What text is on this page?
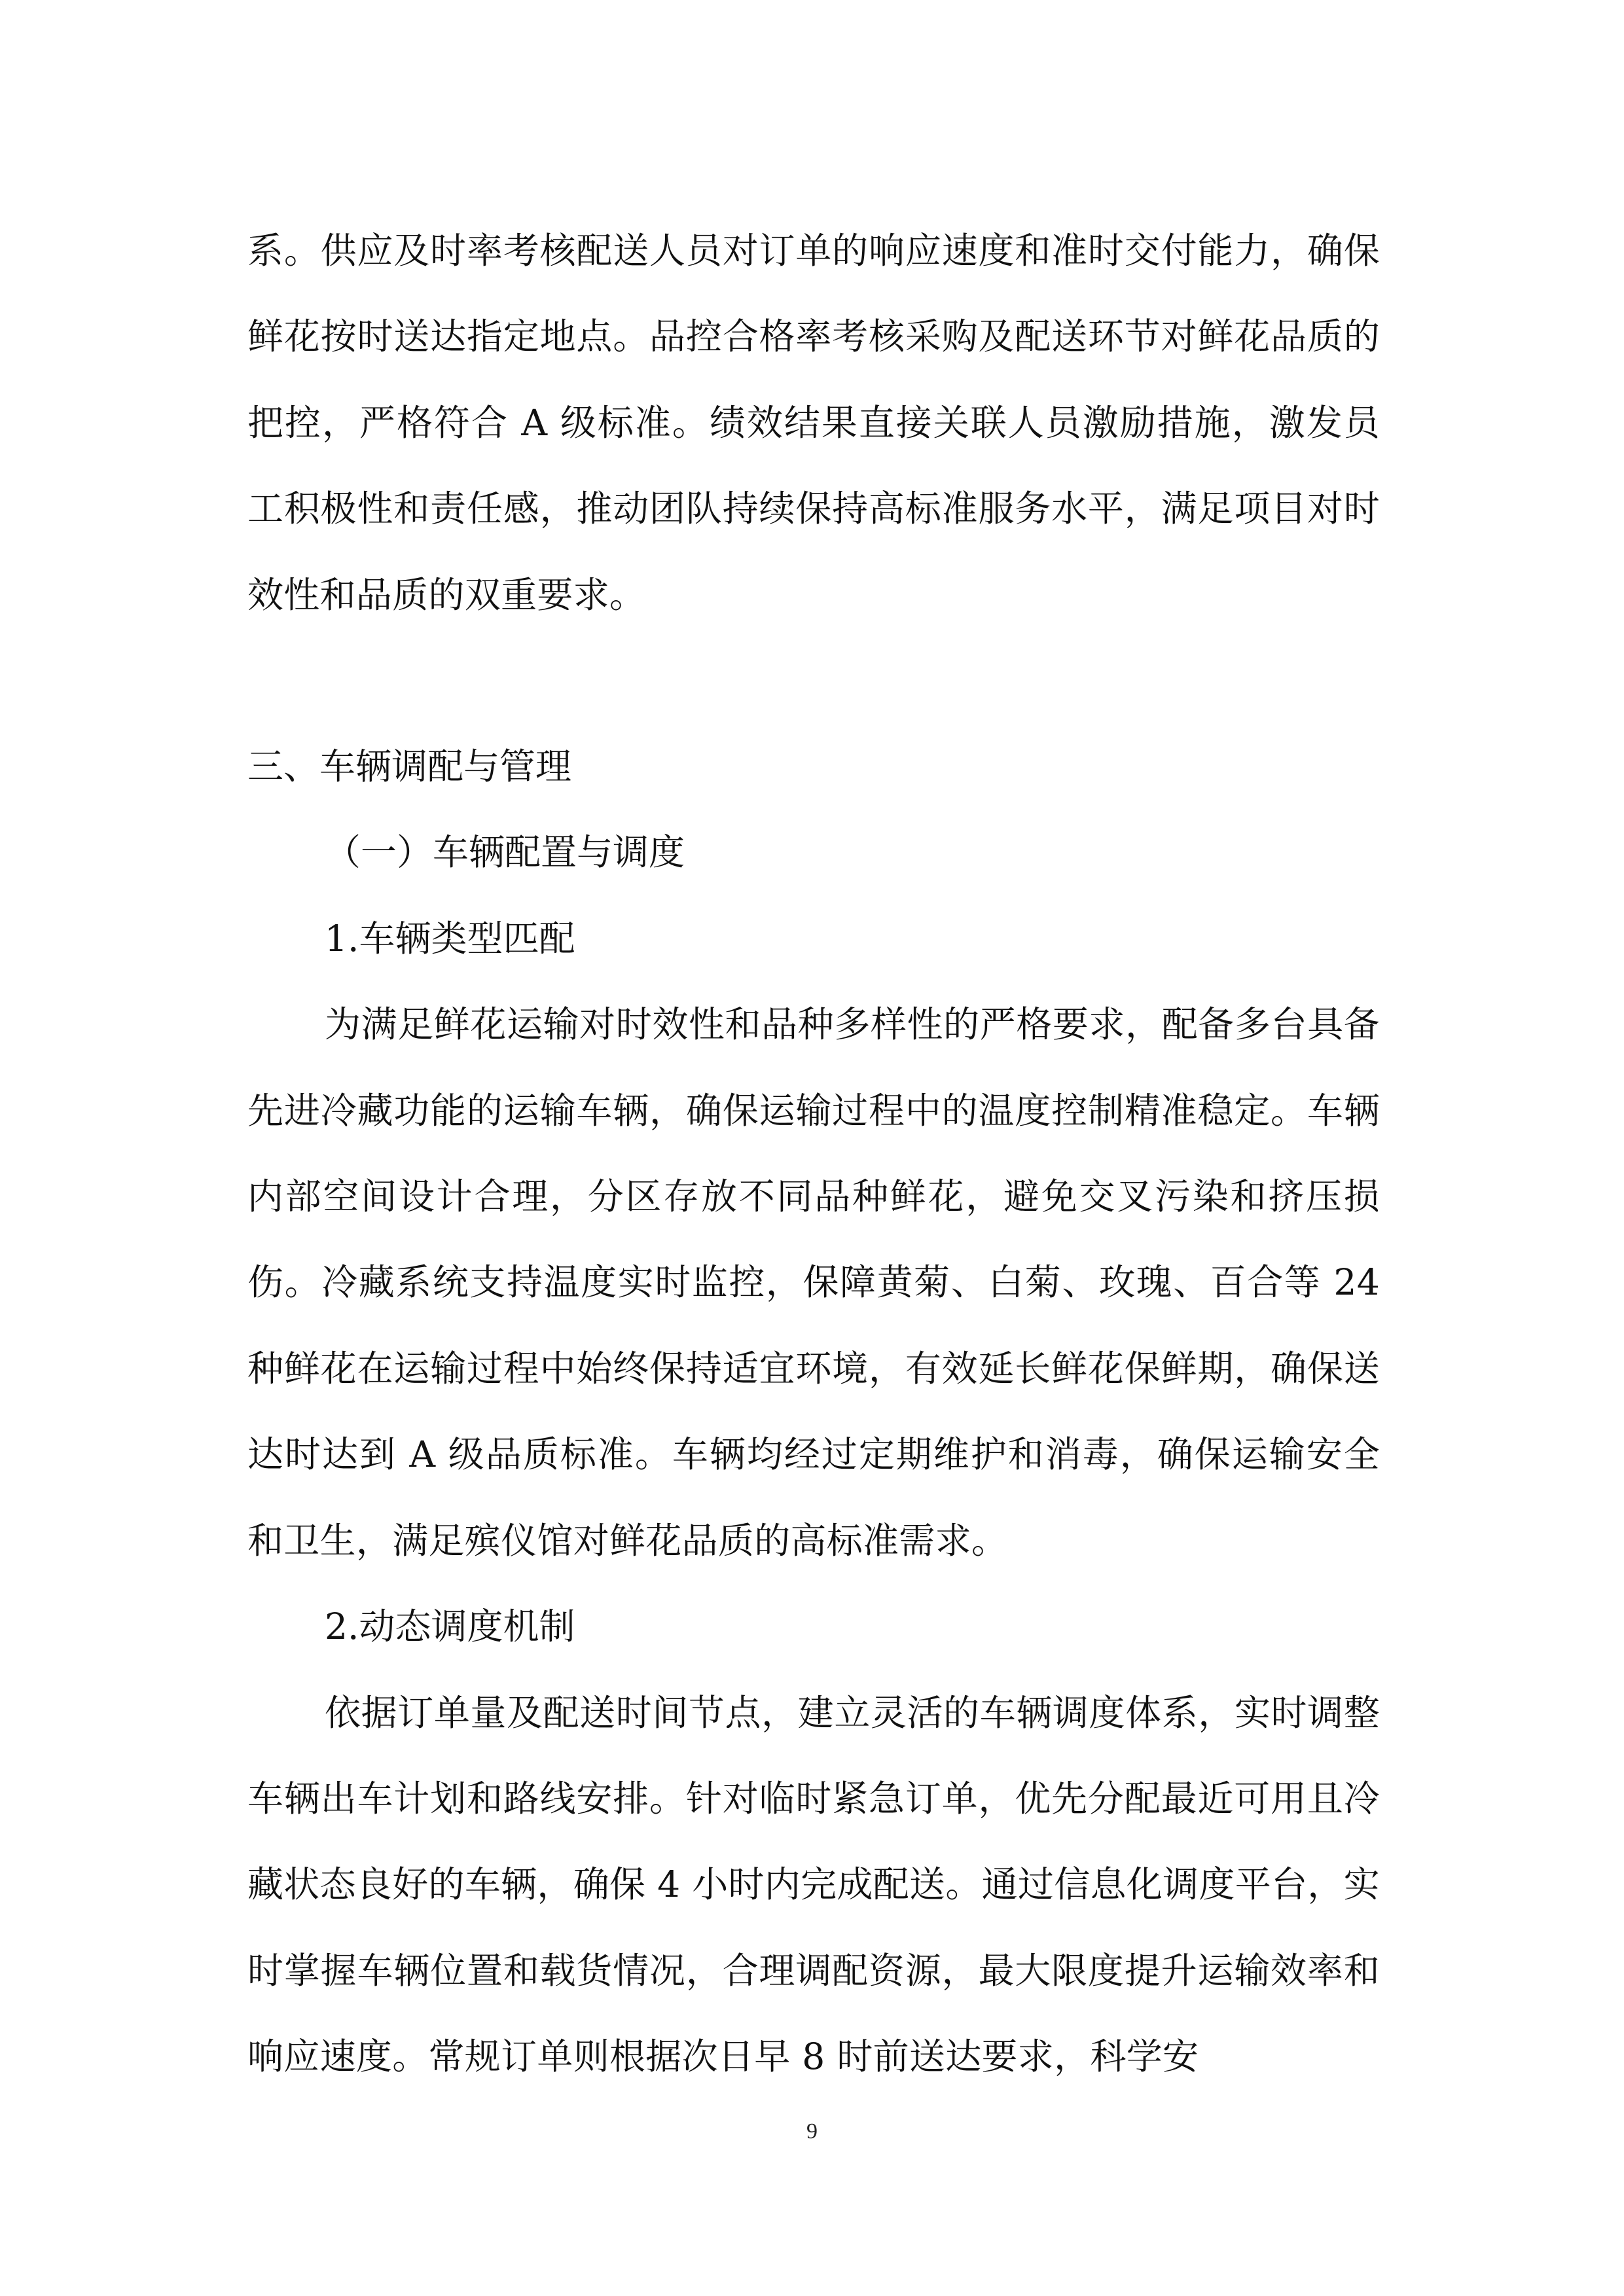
系。供应及时率考核配送人员对订单的响应速度和准时交付能力，确保鲜花按时送达指定地点。品控合格率考核采购及配送环节对鲜花品质的把控，严格符合 A 级标准。绩效结果直接关联人员激励措施，激发员工积极性和责任感，推动团队持续保持高标准服务水平，满足项目对时效性和品质的双重要求。

三、车辆调配与管理
（一）车辆配置与调度
1.车辆类型匹配

为满足鲜花运输对时效性和品种多样性的严格要求，配备多台具备先进冷藏功能的运输车辆，确保运输过程中的温度控制精准稳定。车辆内部空间设计合理，分区存放不同品种鲜花，避免交叉污染和挤压损伤。冷藏系统支持温度实时监控，保障黄菊、白菊、玫瑰、百合等 24 种鲜花在运输过程中始终保持适宜环境，有效延长鲜花保鲜期，确保送达时达到 A 级品质标准。车辆均经过定期维护和消毒，确保运输安全和卫生，满足殡仪馆对鲜花品质的高标准需求。

2.动态调度机制

依据订单量及配送时间节点，建立灵活的车辆调度体系，实时调整车辆出车计划和路线安排。针对临时紧急订单，优先分配最近可用且冷藏状态良好的车辆，确保 4 小时内完成配送。通过信息化调度平台，实时掌握车辆位置和载货情况，合理调配资源，最大限度提升运输效率和响应速度。常规订单则根据次日早 8 时前送达要求，科学安

9
